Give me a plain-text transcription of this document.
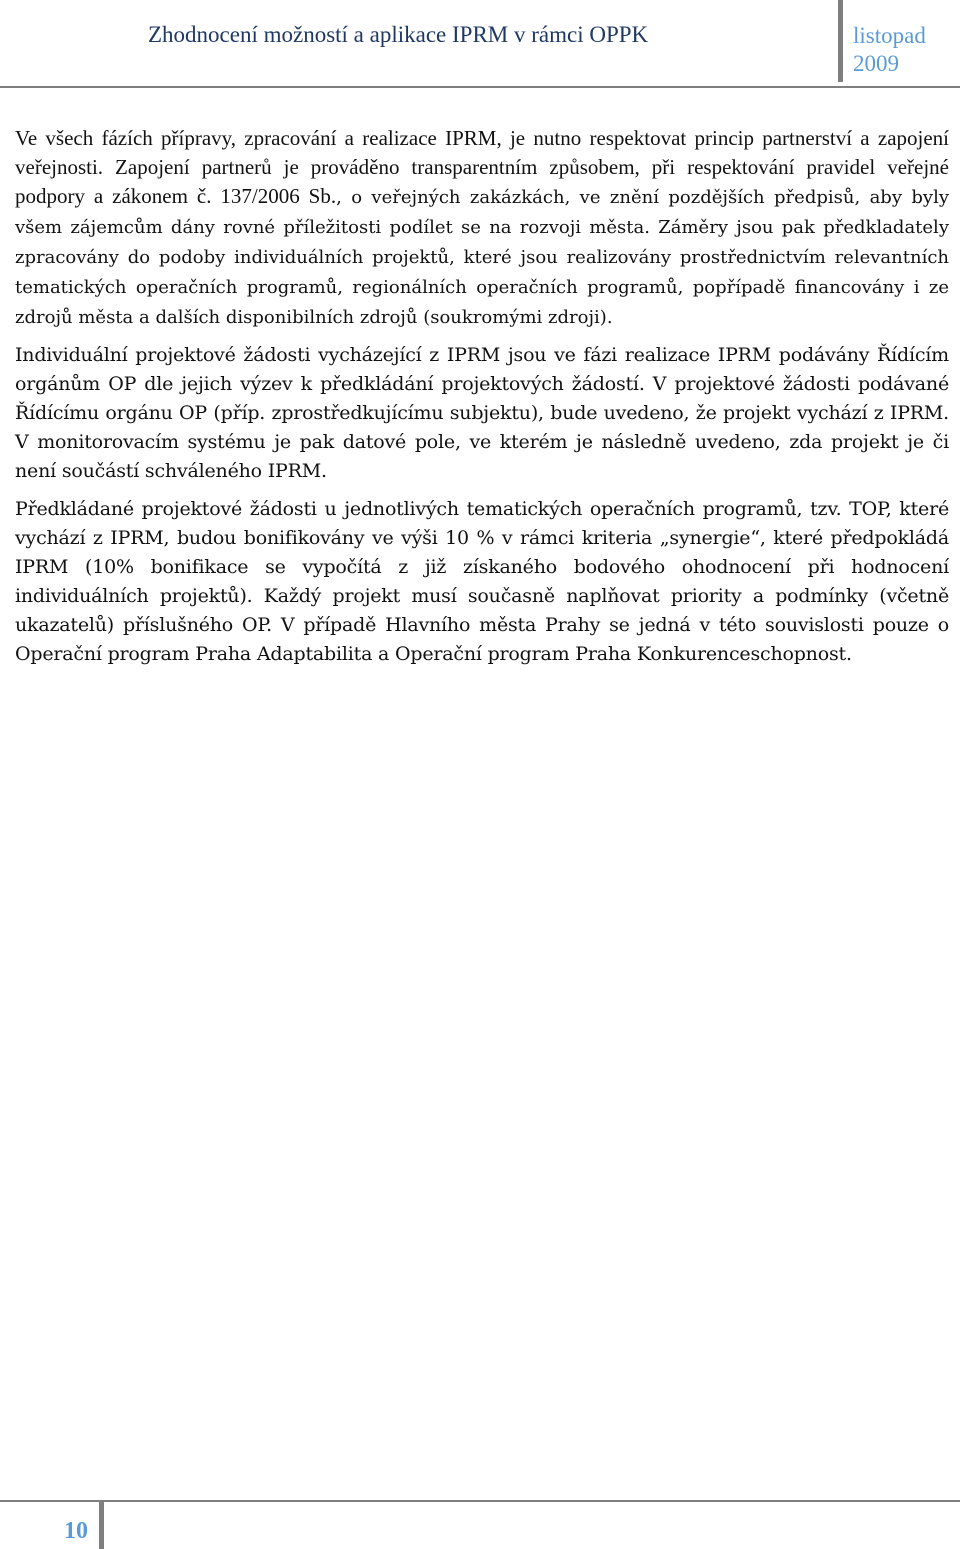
Zhodnocení možností a aplikace IPRM v rámci OPPK	listopad
2009

Ve všech fázích přípravy, zpracování a realizace IPRM, je nutno respektovat princip partnerství a zapojení veřejnosti. Zapojení partnerů je prováděno transparentním způsobem, při respektování pravidel veřejné podpory a zákonem č. 137/2006 Sb., o veřejných zakázkách, ve znění pozdějších předpisů, aby byly všem zájemcům dány rovné příležitosti podílet se na rozvoji města. Záměry jsou pak předkladately zpracovány do podoby individuálních projektů, které jsou realizovány prostřednictvím relevantních tematických operačních programů, regionálních operačních programů, popřípadě financovány i ze zdrojů města a dalších disponibilních zdrojů (soukromými zdroji).

Individuální projektové žádosti vycházející z IPRM jsou ve fázi realizace IPRM podávány Řídícím orgánům OP dle jejich výzev k předkládání projektových žádostí. V projektové žádosti podávané Řídícímu orgánu OP (příp. zprostředkujícímu subjektu), bude uvedeno, že projekt vychází z IPRM. V monitorovacím systému je pak datové pole, ve kterém je následně uvedeno, zda projekt je či není součástí schváleného IPRM.

Předkládané projektové žádosti u jednotlivých tematických operačních programů, tzv. TOP, které vychází z IPRM, budou bonifikovány ve výši 10 % v rámci kriteria „synergie“, které předpokládá IPRM (10% bonifikace se vypočítá z již získaného bodového ohodnocení při hodnocení individuálních projektů). Každý projekt musí současně naplňovat priority a podmínky (včetně ukazatelů) příslušného OP. V případě Hlavního města Prahy se jedná v této souvislosti pouze o Operační program Praha Adaptabilita a Operační program Praha Konkurenceschopnost.

10
